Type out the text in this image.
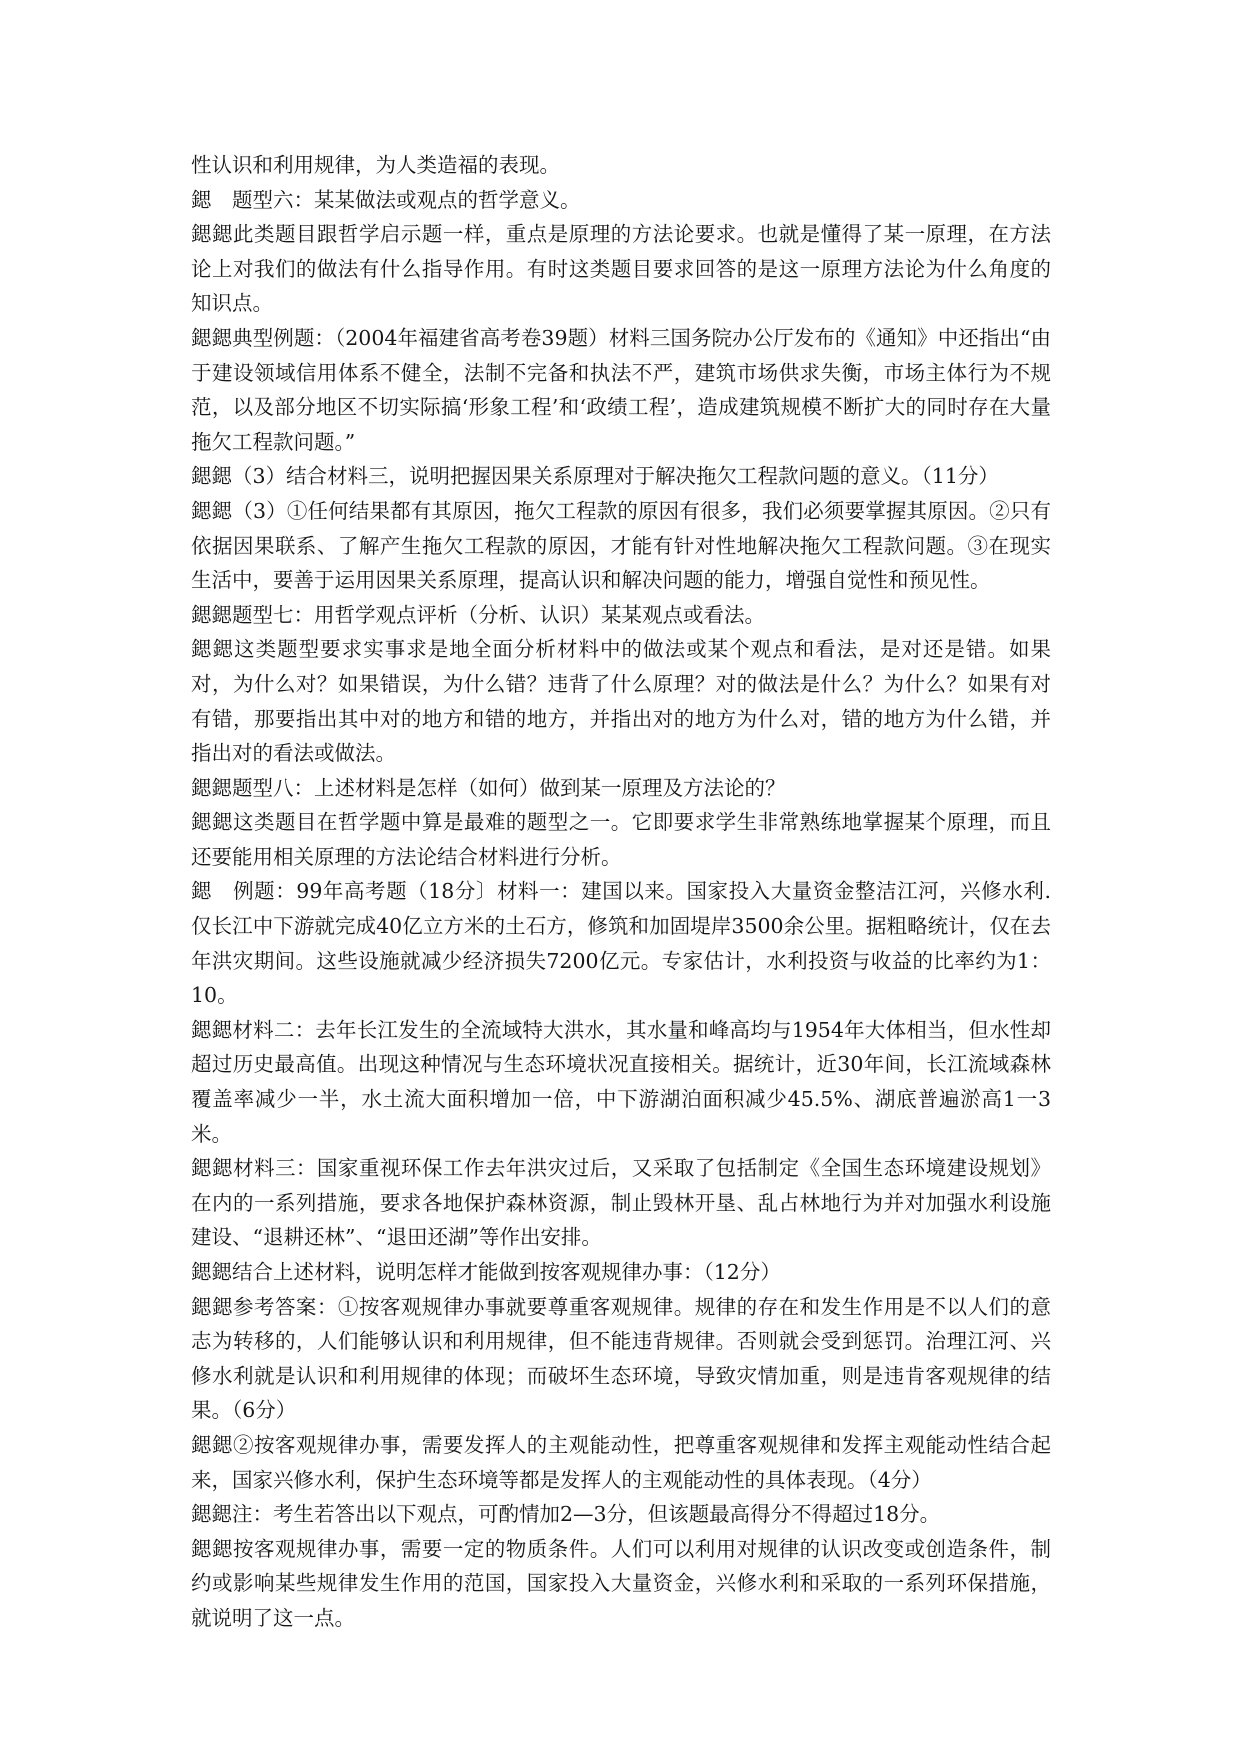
性认识和利用规律，为人类造福的表现。

鍶　题型六：某某做法或观点的哲学意义。

鍶鍶此类题目跟哲学启示题一样，重点是原理的方法论要求。也就是懂得了某一原理，在方法论上对我们的做法有什么指导作用。有时这类题目要求回答的是这一原理方法论为什么角度的知识点。

鍶鍶典型例题：（2004年福建省高考卷39题）材料三国务院办公厅发布的《通知》中还指出“由于建设领域信用体系不健全，法制不完备和执法不严，建筑市场供求失衡，市场主体行为不规范，以及部分地区不切实际搞‘形象工程’和‘政绩工程’，造成建筑规模不断扩大的同时存在大量拖欠工程款问题。”

鍶鍶（3）结合材料三，说明把握因果关系原理对于解决拖欠工程款问题的意义。（11分）

鍶鍶（3）①任何结果都有其原因，拖欠工程款的原因有很多，我们必须要掌握其原因。②只有依据因果联系、了解产生拖欠工程款的原因，才能有针对性地解决拖欠工程款问题。③在现实生活中，要善于运用因果关系原理，提高认识和解决问题的能力，增强自觉性和预见性。

鍶鍶题型七：用哲学观点评析（分析、认识）某某观点或看法。

鍶鍶这类题型要求实事求是地全面分析材料中的做法或某个观点和看法，是对还是错。如果对，为什么对？如果错误，为什么错？违背了什么原理？对的做法是什么？为什么？如果有对有错，那要指出其中对的地方和错的地方，并指出对的地方为什么对，错的地方为什么错，并指出对的看法或做法。

鍶鍶题型八：上述材料是怎样（如何）做到某一原理及方法论的？

鍶鍶这类题目在哲学题中算是最难的题型之一。它即要求学生非常熟练地掌握某个原理，而且还要能用相关原理的方法论结合材料进行分析。

鍶　例题：99年高考题（18分〕材料一：建国以来。国家投入大量资金整洁江河，兴修水利. 仅长江中下游就完成40亿立方米的土石方，修筑和加固堤岸3500余公里。据粗略统计，仅在去年洪灾期间。这些设施就减少经济损失7200亿元。专家估计，水利投资与收益的比率约为1：10。

鍶鍶材料二：去年长江发生的全流域特大洪水，其水量和峰高均与1954年大体相当，但水性却超过历史最高值。出现这种情况与生态环境状况直接相关。据统计，近30年间，长江流域森林覆盖率减少一半，水土流大面积增加一倍，中下游湖泊面积减少45.5%、湖底普遍淤高1一3米。

鍶鍶材料三：国家重视环保工作去年洪灾过后，又采取了包括制定《全国生态环境建设规划》在内的一系列措施，要求各地保护森林资源，制止毁林开垦、乱占林地行为并对加强水利设施建设、“退耕还林”、“退田还湖”等作出安排。

鍶鍶结合上述材料，说明怎样才能做到按客观规律办事：（12分）

鍶鍶参考答案：①按客观规律办事就要尊重客观规律。规律的存在和发生作用是不以人们的意志为转移的，人们能够认识和利用规律，但不能违背规律。否则就会受到惩罚。治理江河、兴修水利就是认识和利用规律的体现；而破坏生态环境，导致灾情加重，则是违肯客观规律的结果。（6分）

鍶鍶②按客观规律办事，需要发挥人的主观能动性，把尊重客观规律和发挥主观能动性结合起来，国家兴修水利，保护生态环境等都是发挥人的主观能动性的具体表现。（4分）

鍶鍶注：考生若答出以下观点，可酌情加2—3分，但该题最高得分不得超过18分。

鍶鍶按客观规律办事，需要一定的物质条件。人们可以利用对规律的认识改变或创造条件，制约或影响某些规律发生作用的范国，国家投入大量资金，兴修水利和采取的一系列环保措施，就说明了这一点。
